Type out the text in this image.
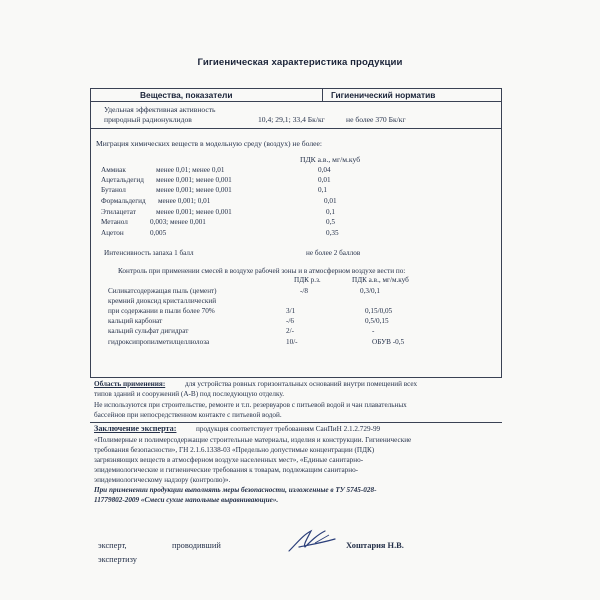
Гигиеническая характеристика продукции
Вещества, показатели	Гигиенический норматив
Удельная эффективная активность
природный радионуклидов	10,4; 29,1; 33,4 Бк/кг	не более 370 Бк/кг
Миграция химических веществ в модельную среду (воздух) не более:
ПДК а.в., мг/м.куб
Аммиак	менее 0,01; менее 0,01	0,04
Ацетальдегид менее 0,001; менее 0,001	0,01
Бутанол	менее 0,001; менее 0,001	0,1
Формальдегид менее 0,001; 0,01	0,01
Этилацетат	менее 0,001; менее 0,001	0,1
Метанол	0,003; менее 0,001	0,5
Ацетон	0,005	0,35
Интенсивность запаха 1 балл	не более 2 баллов
Контроль при применении смесей в воздухе рабочей зоны и в атмосферном воздухе вести по:
ПДК р.з.	ПДК а.в., мг/м.куб
Силикатсодержащая пыль (цемент)	-/8	0,3/0,1
кремний диоксид кристаллический
при содержании в пыли более 70%	3/1	0,15/0,05
кальций карбонат	-/6	0,5/0,15
кальций сульфат дигидрат	2/-	-
гидроксипропилметилцеллюлоза	10/-	ОБУВ -0,5
Область применения:	для устройства ровных горизонтальных оснований внутри помещений всех
типов зданий и сооружений (А-В) под последующую отделку.
Не используются при строительстве, ремонте и т.п. резервуаров с питьевой водой и чан плавательных
бассейнов при непосредственном контакте с питьевой водой.
Заключение эксперта:	продукция соответствует требованиям СанПиН 2.1.2.729-99
«Полимерные и полимерсодержащие строительные материалы, изделия и конструкции. Гигиенические
требования безопасности», ГН 2.1.6.1338-03 «Предельно допустимые концентрации (ПДК)
загрязняющих веществ в атмосферном воздухе населенных мест», «Единые санитарно-
эпидемиологические и гигиенические требования к товарам, подлежащим санитарно-
эпидемиологическому надзору (контролю)».
При применении продукции выполнять меры безопасности, изложенные в ТУ 5745-028-
11779802-2009 «Смеси сухие напольные выравнивающие».
эксперт,	проводивший
экспертизу
Хоштария Н.В.
